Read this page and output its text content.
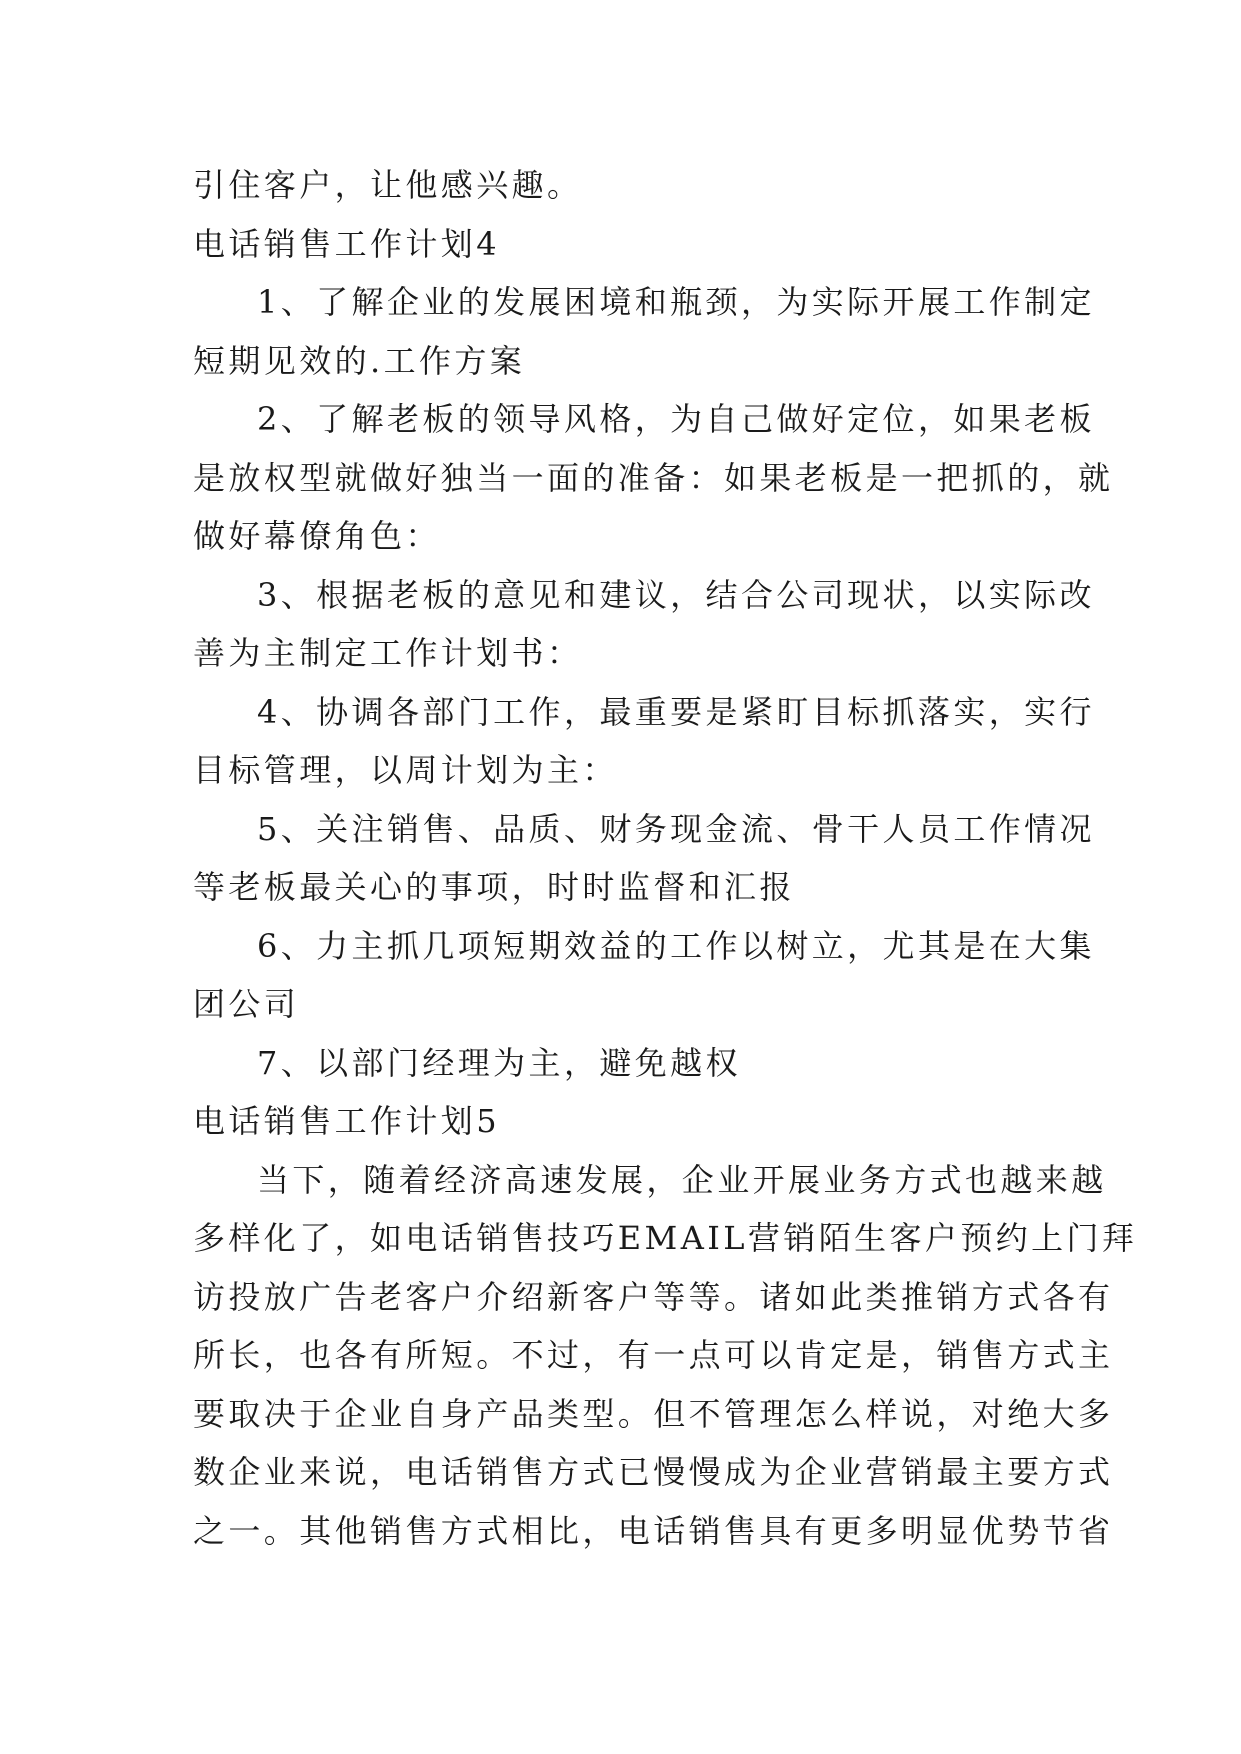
引住客户，让他感兴趣。
电话销售工作计划4
1、了解企业的发展困境和瓶颈，为实际开展工作制定
短期见效的.工作方案
2、了解老板的领导风格，为自己做好定位，如果老板
是放权型就做好独当一面的准备：如果老板是一把抓的，就
做好幕僚角色：
3、根据老板的意见和建议，结合公司现状，以实际改
善为主制定工作计划书：
4、协调各部门工作，最重要是紧盯目标抓落实，实行
目标管理，以周计划为主：
5、关注销售、品质、财务现金流、骨干人员工作情况
等老板最关心的事项，时时监督和汇报
6、力主抓几项短期效益的工作以树立，尤其是在大集
团公司
7、以部门经理为主，避免越权
电话销售工作计划5
当下，随着经济高速发展，企业开展业务方式也越来越
多样化了，如电话销售技巧EMAIL营销陌生客户预约上门拜
访投放广告老客户介绍新客户等等。诸如此类推销方式各有
所长，也各有所短。不过，有一点可以肯定是，销售方式主
要取决于企业自身产品类型。但不管理怎么样说，对绝大多
数企业来说，电话销售方式已慢慢成为企业营销最主要方式
之一。其他销售方式相比，电话销售具有更多明显优势节省
